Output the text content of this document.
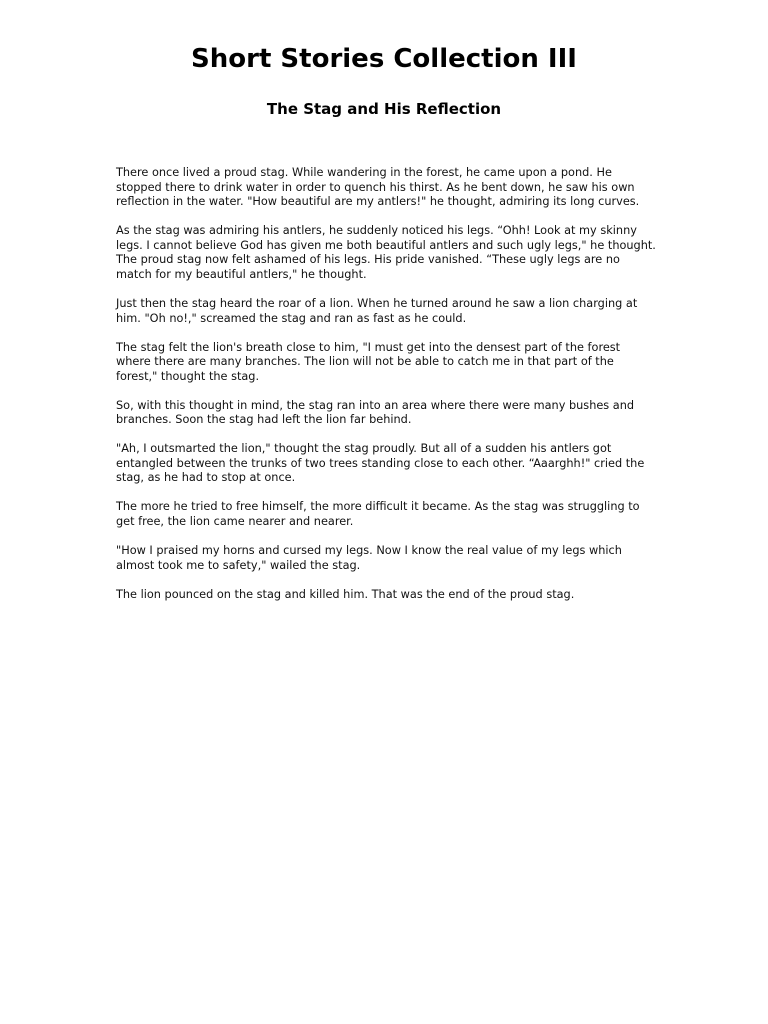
Short Stories Collection III
The Stag and His Reflection

There once lived a proud stag. While wandering in the forest, he came upon a pond. He stopped there to drink water in order to quench his thirst. As he bent down, he saw his own reflection in the water. "How beautiful are my antlers!" he thought, admiring its long curves.

As the stag was admiring his antlers, he suddenly noticed his legs. “Ohh! Look at my skinny legs. I cannot believe God has given me both beautiful antlers and such ugly legs," he thought. The proud stag now felt ashamed of his legs. His pride vanished. “These ugly legs are no match for my beautiful antlers," he thought.

Just then the stag heard the roar of a lion. When he turned around he saw a lion charging at him. "Oh no!," screamed the stag and ran as fast as he could.

The stag felt the lion's breath close to him, "I must get into the densest part of the forest where there are many branches. The lion will not be able to catch me in that part of the forest," thought the stag.

So, with this thought in mind, the stag ran into an area where there were many bushes and branches. Soon the stag had left the lion far behind.

"Ah, I outsmarted the lion," thought the stag proudly. But all of a sudden his antlers got entangled between the trunks of two trees standing close to each other. “Aaarghh!" cried the stag, as he had to stop at once.

The more he tried to free himself, the more difficult it became. As the stag was struggling to get free, the lion came nearer and nearer.

"How I praised my horns and cursed my legs. Now I know the real value of my legs which almost took me to safety," wailed the stag.

The lion pounced on the stag and killed him. That was the end of the proud stag.
